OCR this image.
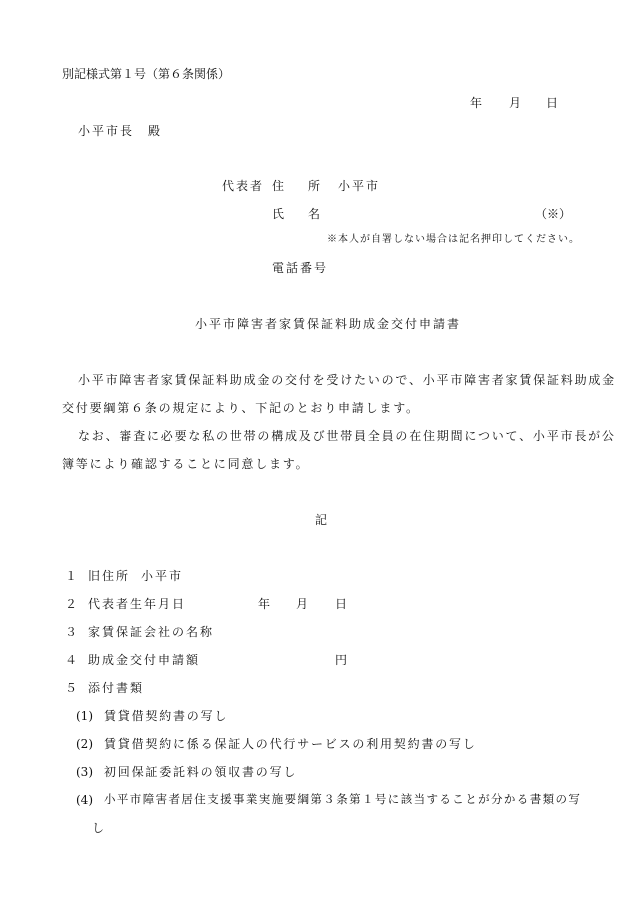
別記様式第１号（第６条関係）
年 月 日
小平市長　殿
代表者 住　　所 小平市
氏　　名	（※）
※本人が自署しない場合は記名押印してください。
電話番号
小平市障害者家賃保証料助成金交付申請書
小平市障害者家賃保証料助成金の交付を受けたいので、小平市障害者家賃保証料助成金
交付要綱第６条の規定により、下記のとおり申請します。
なお、審査に必要な私の世帯の構成及び世帯員全員の在住期間について、小平市長が公
簿等により確認することに同意します。
記
１ 旧住所 小平市
２ 代表者生年月日	年 月 日
３ 家賃保証会社の名称
４ 助成金交付申請額	円
５ 添付書類
(1) 賃貸借契約書の写し
(2) 賃貸借契約に係る保証人の代行サービスの利用契約書の写し
(3) 初回保証委託料の領収書の写し
(4) 小平市障害者居住支援事業実施要綱第３条第１号に該当することが分かる書類の写
し
